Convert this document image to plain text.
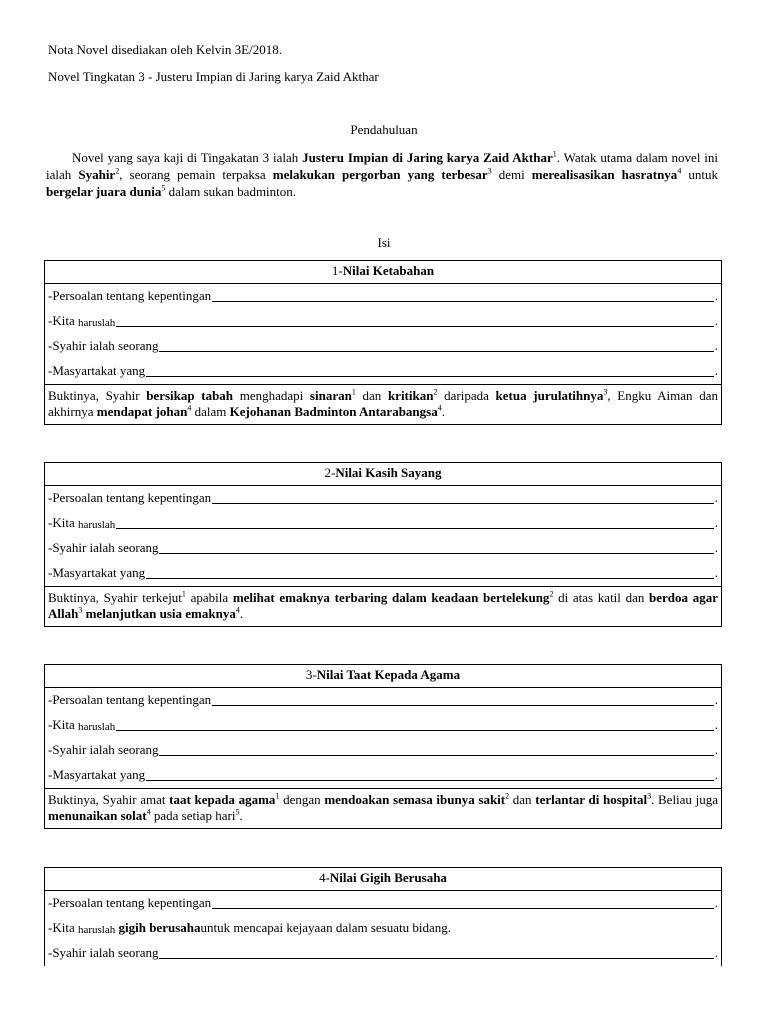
Nota Novel disediakan oleh Kelvin 3E/2018.
Novel Tingkatan 3 - Justeru Impian di Jaring karya Zaid Akthar
Pendahuluan
Novel yang saya kaji di Tingakatan 3 ialah Justeru Impian di Jaring karya Zaid Akthar$^1$. Watak utama dalam novel ini ialah Syahir$^2$, seorang pemain terpaksa melakukan pergorban yang terbesar$^3$ demi merealisasikan hasratnya$^4$ untuk bergelar juara dunia$^5$ dalam sukan badminton.
Isi
1-Nilai Ketabahan
-Persoalan tentang kepentingan	.
-Kita
haruslah	.
-Syahir ialah seorang	.
-Masyartakat yang	.
Buktinya, Syahir bersikap tabah menghadapi sinaran$^1$ dan kritikan$^2$ daripada ketua jurulatihnya$^3$, Engku Aiman dan akhirnya mendapat johan$^4$ dalam Kejohanan Badminton Antarabangsa$^4$.
2-Nilai Kasih Sayang
-Persoalan tentang kepentingan	.
-Kita
haruslah	.
-Syahir ialah seorang	.
-Masyartakat yang	.
Buktinya, Syahir terkejut$^1$ apabila melihat emaknya terbaring dalam keadaan bertelekung$^2$ di atas katil dan berdoa agar Allah$^3$ melanjutkan usia emaknya$^4$.
3-Nilai Taat Kepada Agama
-Persoalan tentang kepentingan	.
-Kita
haruslah	.
-Syahir ialah seorang	.
-Masyartakat yang	.
Buktinya, Syahir amat taat kepada agama$^1$ dengan mendoakan semasa ibunya sakit$^2$ dan terlantar di hospital$^3$. Beliau juga menunaikan solat$^4$ pada setiap hari$^5$.
4-Nilai Gigih Berusaha
-Persoalan tentang kepentingan	.
-Kita
haruslah
gigih berusaha untuk mencapai kejayaan dalam sesuatu bidang.
-Syahir ialah seorang	.
